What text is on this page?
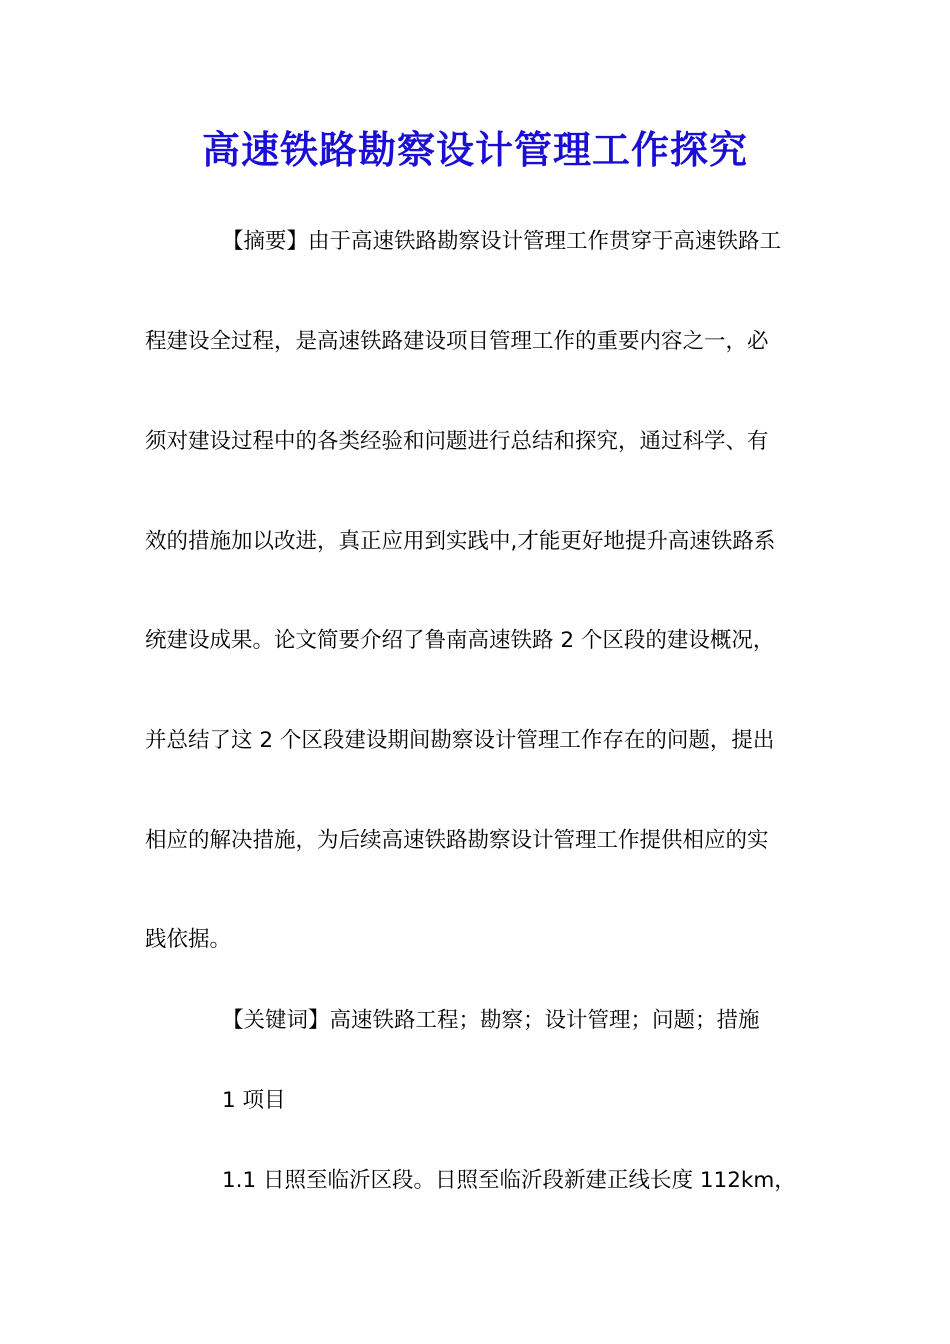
高速铁路勘察设计管理工作探究

【摘要】由于高速铁路勘察设计管理工作贯穿于高速铁路工

程建设全过程，是高速铁路建设项目管理工作的重要内容之一，必

须对建设过程中的各类经验和问题进行总结和探究，通过科学、有

效的措施加以改进，真正应用到实践中,才能更好地提升高速铁路系

统建设成果。论文简要介绍了鲁南高速铁路 2 个区段的建设概况，

并总结了这 2 个区段建设期间勘察设计管理工作存在的问题，提出

相应的解决措施，为后续高速铁路勘察设计管理工作提供相应的实

践依据。

【关键词】高速铁路工程；勘察；设计管理；问题；措施

1 项目

1.1 日照至临沂区段。日照至临沂段新建正线长度 112km，
